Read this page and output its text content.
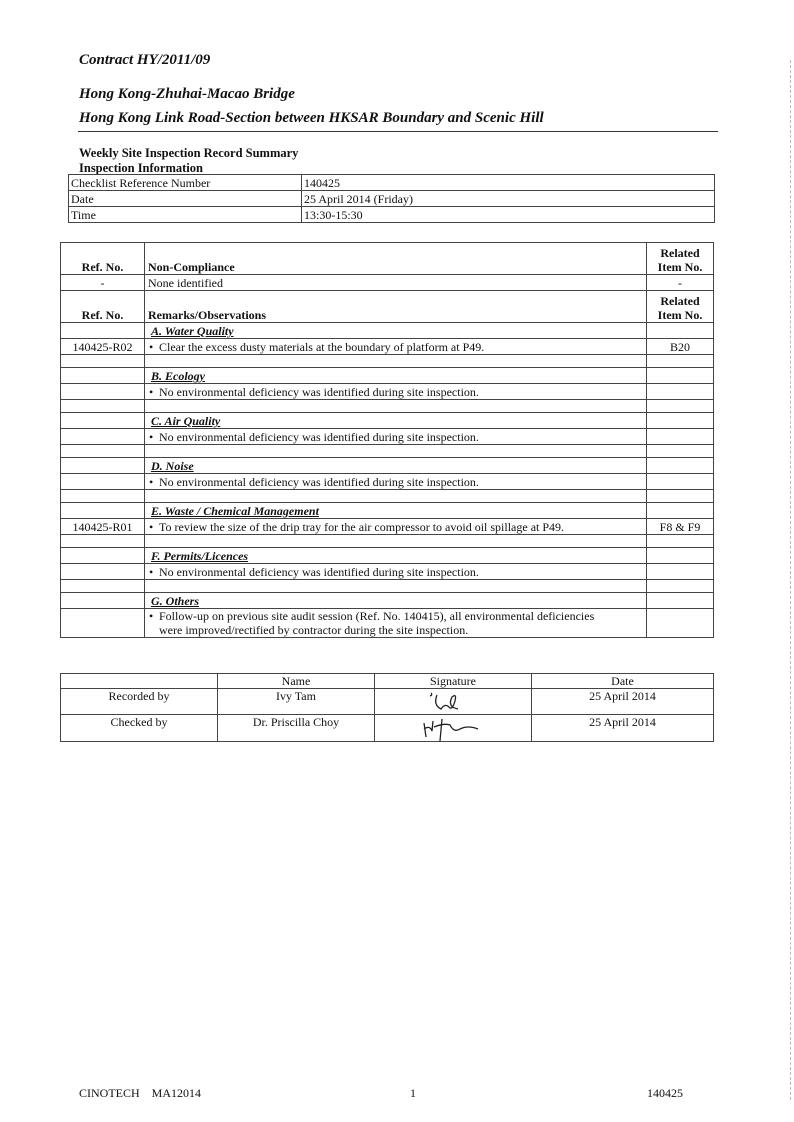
Contract HY/2011/09
Hong Kong-Zhuhai-Macao Bridge
Hong Kong Link Road-Section between HKSAR Boundary and Scenic Hill
Weekly Site Inspection Record Summary
Inspection Information
Checklist Reference Number	140425
Date	25 April 2014 (Friday)
Time	13:30-15:30
Ref. No.	Non-Compliance	Related
Item No.
-	None identified	-
Ref. No.	Remarks/Observations	Related
Item No.
	A. Water Quality	
140425-R02	• Clear the excess dusty materials at the boundary of platform at P49.	B20

	B. Ecology	
	• No environmental deficiency was identified during site inspection.	

	C. Air Quality	
	• No environmental deficiency was identified during site inspection.	

	D. Noise	
	• No environmental deficiency was identified during site inspection.	

	E. Waste / Chemical Management	
140425-R01	• To review the size of the drip tray for the air compressor to avoid oil spillage at P49.	F8 & F9

	F. Permits/Licences	
	• No environmental deficiency was identified during site inspection.	

	G. Others	
	• Follow-up on previous site audit session (Ref. No. 140415), all environmental deficiencies
were improved/rectified by contractor during the site inspection.	
	Name	Signature	Date
Recorded by	Ivy Tam		25 April 2014
Checked by	Dr. Priscilla Choy		25 April 2014
CINOTECH    MA12014	1	140425
